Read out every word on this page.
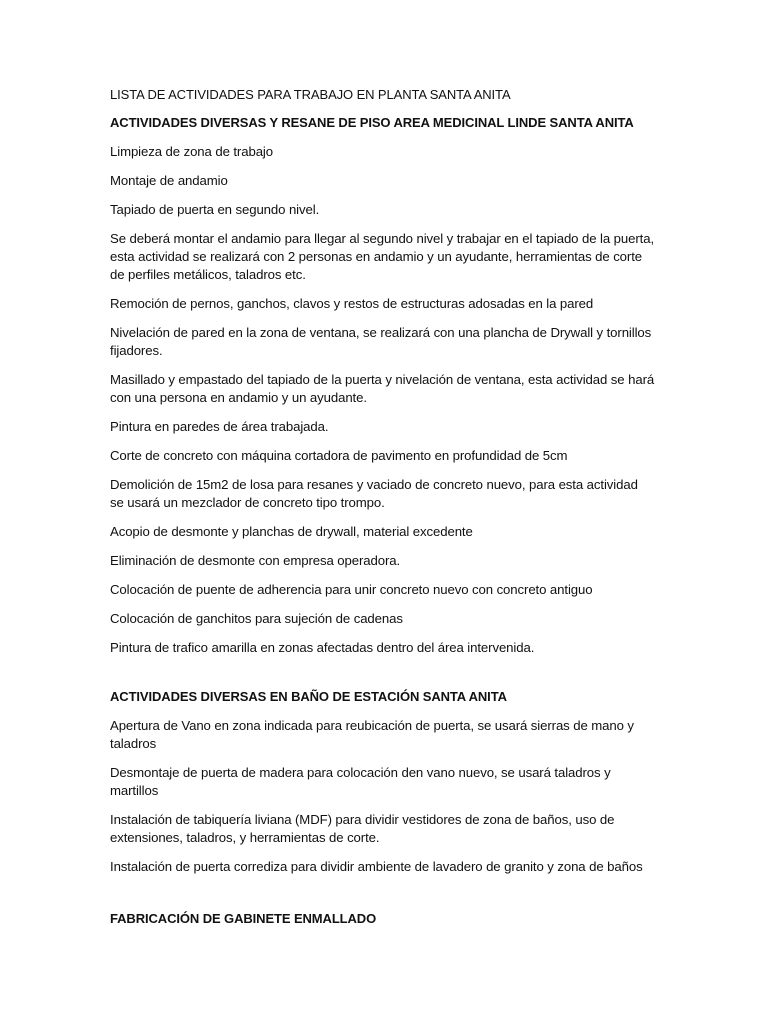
LISTA DE ACTIVIDADES PARA TRABAJO EN PLANTA SANTA ANITA

ACTIVIDADES DIVERSAS Y RESANE DE PISO AREA MEDICINAL LINDE SANTA ANITA

Limpieza de zona de trabajo

Montaje de andamio

Tapiado de puerta en segundo nivel.

Se deberá montar el andamio para llegar al segundo nivel y trabajar en el tapiado de la puerta, esta actividad se realizará con 2 personas en andamio y un ayudante, herramientas de corte de perfiles metálicos, taladros etc.

Remoción de pernos, ganchos, clavos y restos de estructuras adosadas en la pared

Nivelación de pared en la zona de ventana, se realizará con una plancha de Drywall y tornillos fijadores.

Masillado y empastado del tapiado de la puerta y nivelación de ventana, esta actividad se hará con una persona en andamio y un ayudante.

Pintura en paredes de área trabajada.

Corte de concreto con máquina cortadora de pavimento en profundidad de 5cm

Demolición de 15m2 de losa para resanes y vaciado de concreto nuevo, para esta actividad se usará un mezclador de concreto tipo trompo.

Acopio de desmonte y planchas de drywall, material excedente

Eliminación de desmonte con empresa operadora.

Colocación de puente de adherencia para unir concreto nuevo con concreto antiguo

Colocación de ganchitos para sujeción de cadenas

Pintura de trafico amarilla en zonas afectadas dentro del área intervenida.

ACTIVIDADES DIVERSAS EN BAÑO DE ESTACIÓN SANTA ANITA

Apertura de Vano en zona indicada para reubicación de puerta, se usará sierras de mano y taladros

Desmontaje de puerta de madera para colocación den vano nuevo, se usará taladros y martillos

Instalación de tabiquería liviana (MDF) para dividir vestidores de zona de baños, uso de extensiones, taladros, y herramientas de corte.

Instalación de puerta corrediza para dividir ambiente de lavadero de granito y zona de baños

FABRICACIÓN DE GABINETE ENMALLADO
